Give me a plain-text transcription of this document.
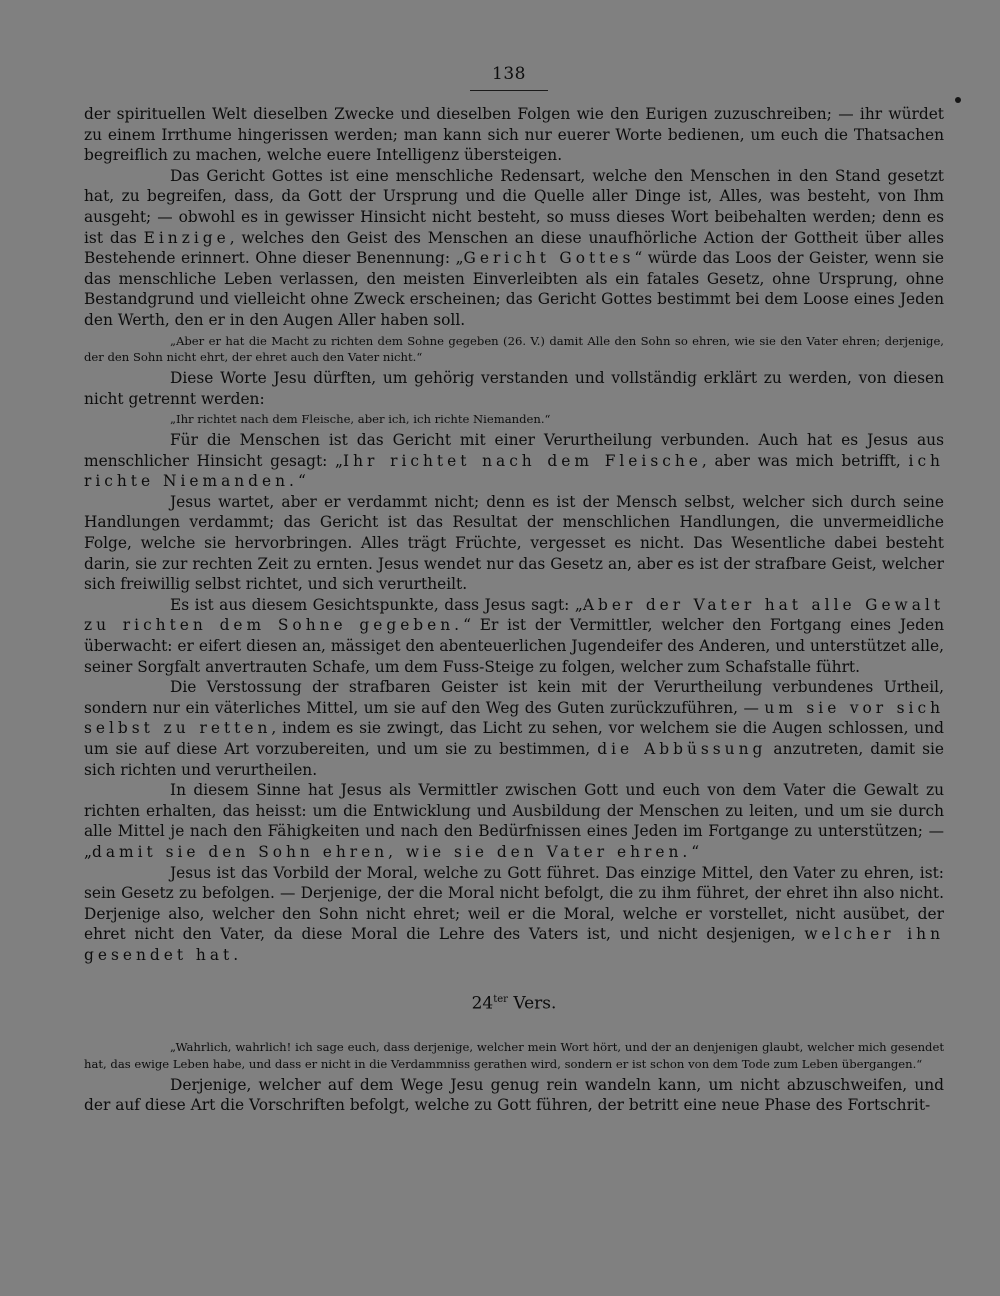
138

der spirituellen Welt dieselben Zwecke und dieselben Folgen wie den Eurigen zuzuschreiben; — ihr würdet zu einem Irrthume hingerissen werden; man kann sich nur euerer Worte bedienen, um euch die Thatsachen begreiflich zu machen, welche euere Intelligenz übersteigen.

Das Gericht Gottes ist eine menschliche Redensart, welche den Menschen in den Stand gesetzt hat, zu begreifen, dass, da Gott der Ursprung und die Quelle aller Dinge ist, Alles, was besteht, von Ihm ausgeht; — obwohl es in gewisser Hinsicht nicht besteht, so muss dieses Wort beibehalten werden; denn es ist das Einzige, welches den Geist des Menschen an diese unaufhörliche Action der Gottheit über alles Bestehende erinnert. Ohne dieser Benennung: „Gericht Gottes“ würde das Loos der Geister, wenn sie das menschliche Leben verlassen, den meisten Einverleibten als ein fatales Gesetz, ohne Ursprung, ohne Bestandgrund und vielleicht ohne Zweck erscheinen; das Gericht Gottes bestimmt bei dem Loose eines Jeden den Werth, den er in den Augen Aller haben soll.

„Aber er hat die Macht zu richten dem Sohne gegeben (26. V.) damit Alle den Sohn so ehren, wie sie den Vater ehren; derjenige, der den Sohn nicht ehrt, der ehret auch den Vater nicht.“

Diese Worte Jesu dürften, um gehörig verstanden und vollständig erklärt zu werden, von diesen nicht getrennt werden:

„Ihr richtet nach dem Fleische, aber ich, ich richte Niemanden.“

Für die Menschen ist das Gericht mit einer Verurtheilung verbunden. Auch hat es Jesus aus menschlicher Hinsicht gesagt: „Ihr richtet nach dem Fleische, aber was mich betrifft, ich richte Niemanden.“

Jesus wartet, aber er verdammt nicht; denn es ist der Mensch selbst, welcher sich durch seine Handlungen verdammt; das Gericht ist das Resultat der menschlichen Handlungen, die unvermeidliche Folge, welche sie hervorbringen. Alles trägt Früchte, vergesset es nicht. Das Wesentliche dabei besteht darin, sie zur rechten Zeit zu ernten. Jesus wendet nur das Gesetz an, aber es ist der strafbare Geist, welcher sich freiwillig selbst richtet, und sich verurtheilt.

Es ist aus diesem Gesichtspunkte, dass Jesus sagt: „Aber der Vater hat alle Gewalt zu richten dem Sohne gegeben.“ Er ist der Vermittler, welcher den Fortgang eines Jeden überwacht: er eifert diesen an, mässiget den abenteuerlichen Jugendeifer des Anderen, und unterstützet alle, seiner Sorgfalt anvertrauten Schafe, um dem Fuss-Steige zu folgen, welcher zum Schafstalle führt.

Die Verstossung der strafbaren Geister ist kein mit der Verurtheilung verbundenes Urtheil, sondern nur ein väterliches Mittel, um sie auf den Weg des Guten zurückzuführen, — um sie vor sich selbst zu retten, indem es sie zwingt, das Licht zu sehen, vor welchem sie die Augen schlossen, und um sie auf diese Art vorzubereiten, und um sie zu bestimmen, die Abbüssung anzutreten, damit sie sich richten und verurtheilen.

In diesem Sinne hat Jesus als Vermittler zwischen Gott und euch von dem Vater die Gewalt zu richten erhalten, das heisst: um die Entwicklung und Ausbildung der Menschen zu leiten, und um sie durch alle Mittel je nach den Fähigkeiten und nach den Bedürfnissen eines Jeden im Fortgange zu unterstützen; — „damit sie den Sohn ehren, wie sie den Vater ehren.“

Jesus ist das Vorbild der Moral, welche zu Gott führet. Das einzige Mittel, den Vater zu ehren, ist: sein Gesetz zu befolgen. — Derjenige, der die Moral nicht befolgt, die zu ihm führet, der ehret ihn also nicht. Derjenige also, welcher den Sohn nicht ehret; weil er die Moral, welche er vorstellet, nicht ausübet, der ehret nicht den Vater, da diese Moral die Lehre des Vaters ist, und nicht desjenigen, welcher ihn gesendet hat.

$24^{ter}$ Vers.

„Wahrlich, wahrlich! ich sage euch, dass derjenige, welcher mein Wort hört, und der an denjenigen glaubt, welcher mich gesendet hat, das ewige Leben habe, und dass er nicht in die Verdammniss gerathen wird, sondern er ist schon von dem Tode zum Leben übergangen.“

Derjenige, welcher auf dem Wege Jesu genug rein wandeln kann, um nicht abzuschweifen, und der auf diese Art die Vorschriften befolgt, welche zu Gott führen, der betritt eine neue Phase des Fortschrit-
